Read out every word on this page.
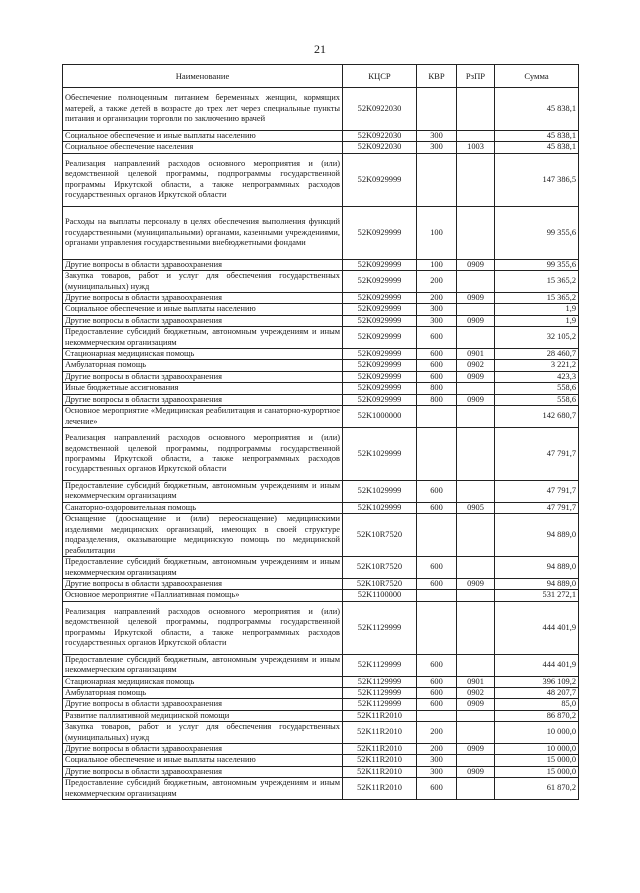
21
Наименование	КЦСР	КВР	РзПР	Сумма
Обеспечение полноценным питанием беременных женщин, кормящих матерей, а также детей в возрасте до трех лет через специальные пункты питания и организации торговли по заключению врачей	52K0922030			45 838,1
Социальное обеспечение и иные выплаты населению	52K0922030	300		45 838,1
Социальное обеспечение населения	52K0922030	300	1003	45 838,1
Реализация направлений расходов основного мероприятия и (или) ведомственной целевой программы, подпрограммы государственной программы Иркутской области, а также непрограммных расходов государственных органов Иркутской области	52K0929999			147 386,5
Расходы на выплаты персоналу в целях обеспечения выполнения функций государственными (муниципальными) органами, казенными учреждениями, органами управления государственными внебюджетными фондами	52K0929999	100		99 355,6
Другие вопросы в области здравоохранения	52K0929999	100	0909	99 355,6
Закупка товаров, работ и услуг для обеспечения государственных (муниципальных) нужд	52K0929999	200		15 365,2
Другие вопросы в области здравоохранения	52K0929999	200	0909	15 365,2
Социальное обеспечение и иные выплаты населению	52K0929999	300		1,9
Другие вопросы в области здравоохранения	52K0929999	300	0909	1,9
Предоставление субсидий бюджетным, автономным учреждениям и иным некоммерческим организациям	52K0929999	600		32 105,2
Стационарная медицинская помощь	52K0929999	600	0901	28 460,7
Амбулаторная помощь	52K0929999	600	0902	3 221,2
Другие вопросы в области здравоохранения	52K0929999	600	0909	423,3
Иные бюджетные ассигнования	52K0929999	800		558,6
Другие вопросы в области здравоохранения	52K0929999	800	0909	558,6
Основное мероприятие «Медицинская реабилитация и санаторно-курортное лечение»	52K1000000			142 680,7
Реализация направлений расходов основного мероприятия и (или) ведомственной целевой программы, подпрограммы государственной программы Иркутской области, а также непрограммных расходов государственных органов Иркутской области	52K1029999			47 791,7
Предоставление субсидий бюджетным, автономным учреждениям и иным некоммерческим организациям	52K1029999	600		47 791,7
Санаторно-оздоровительная помощь	52K1029999	600	0905	47 791,7
Оснащение (дооснащение и (или) переоснащение) медицинскими изделиями медицинских организаций, имеющих в своей структуре подразделения, оказывающие медицинскую помощь по медицинской реабилитации	52K10R7520			94 889,0
Предоставление субсидий бюджетным, автономным учреждениям и иным некоммерческим организациям	52K10R7520	600		94 889,0
Другие вопросы в области здравоохранения	52K10R7520	600	0909	94 889,0
Основное мероприятие «Паллиативная помощь»	52K1100000			531 272,1
Реализация направлений расходов основного мероприятия и (или) ведомственной целевой программы, подпрограммы государственной программы Иркутской области, а также непрограммных расходов государственных органов Иркутской области	52K1129999			444 401,9
Предоставление субсидий бюджетным, автономным учреждениям и иным некоммерческим организациям	52K1129999	600		444 401,9
Стационарная медицинская помощь	52K1129999	600	0901	396 109,2
Амбулаторная помощь	52K1129999	600	0902	48 207,7
Другие вопросы в области здравоохранения	52K1129999	600	0909	85,0
Развитие паллиативной медицинской помощи	52K11R2010			86 870,2
Закупка товаров, работ и услуг для обеспечения государственных (муниципальных) нужд	52K11R2010	200		10 000,0
Другие вопросы в области здравоохранения	52K11R2010	200	0909	10 000,0
Социальное обеспечение и иные выплаты населению	52K11R2010	300		15 000,0
Другие вопросы в области здравоохранения	52K11R2010	300	0909	15 000,0
Предоставление субсидий бюджетным, автономным учреждениям и иным некоммерческим организациям	52K11R2010	600		61 870,2
